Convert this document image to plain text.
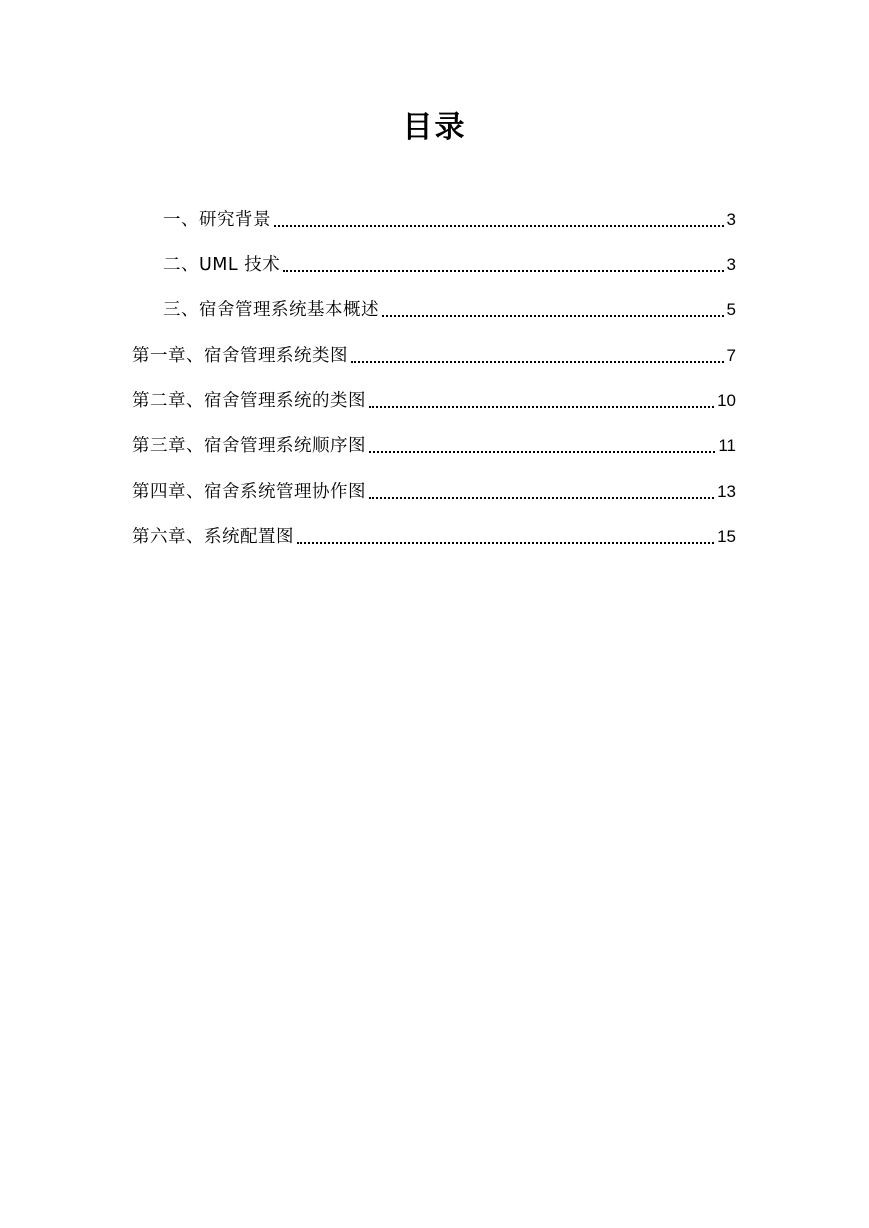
目录
一、研究背景	3
二、UML 技术	3
三、宿舍管理系统基本概述	5
第一章、宿舍管理系统类图	7
第二章、宿舍管理系统的类图	10
第三章、宿舍管理系统顺序图	11
第四章、宿舍系统管理协作图	13
第六章、系统配置图	15
